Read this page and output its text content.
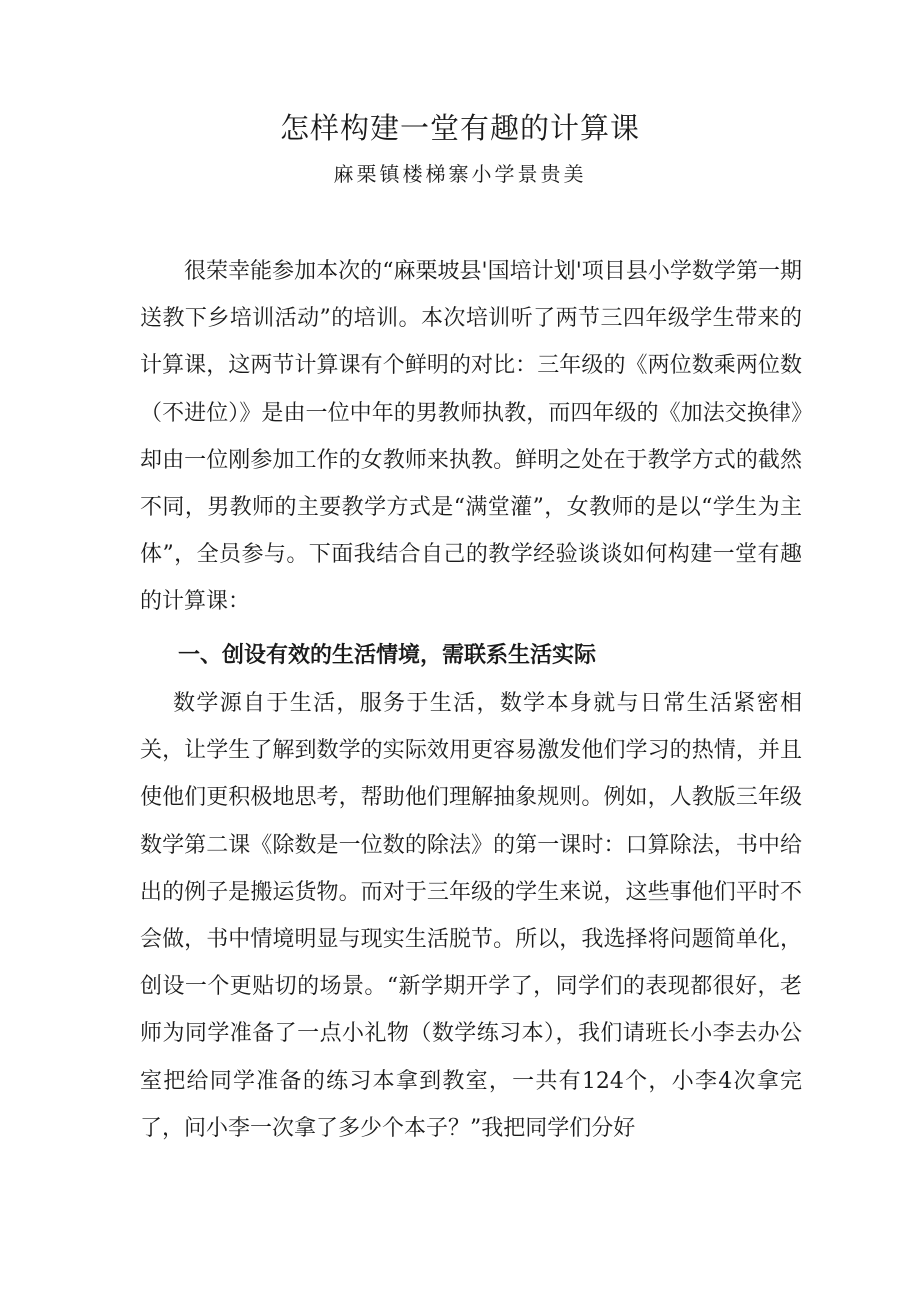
怎样构建一堂有趣的计算课
麻栗镇楼梯寨小学景贵美

很荣幸能参加本次的“麻栗坡县'国培计划'项目县小学数学第一期送教下乡培训活动”的培训。本次培训听了两节三四年级学生带来的计算课，这两节计算课有个鲜明的对比：三年级的《两位数乘两位数（不进位）》是由一位中年的男教师执教，而四年级的《加法交换律》却由一位刚参加工作的女教师来执教。鲜明之处在于教学方式的截然不同，男教师的主要教学方式是“满堂灌”，女教师的是以“学生为主体”，全员参与。下面我结合自己的教学经验谈谈如何构建一堂有趣的计算课：

一、创设有效的生活情境，需联系生活实际

数学源自于生活，服务于生活，数学本身就与日常生活紧密相关，让学生了解到数学的实际效用更容易激发他们学习的热情，并且使他们更积极地思考，帮助他们理解抽象规则。例如，人教版三年级数学第二课《除数是一位数的除法》的第一课时：口算除法，书中给出的例子是搬运货物。而对于三年级的学生来说，这些事他们平时不会做，书中情境明显与现实生活脱节。所以，我选择将问题简单化，创设一个更贴切的场景。“新学期开学了，同学们的表现都很好，老师为同学准备了一点小礼物（数学练习本），我们请班长小李去办公室把给同学准备的练习本拿到教室，一共有124个，小李4次拿完了，问小李一次拿了多少个本子？”我把同学们分好
